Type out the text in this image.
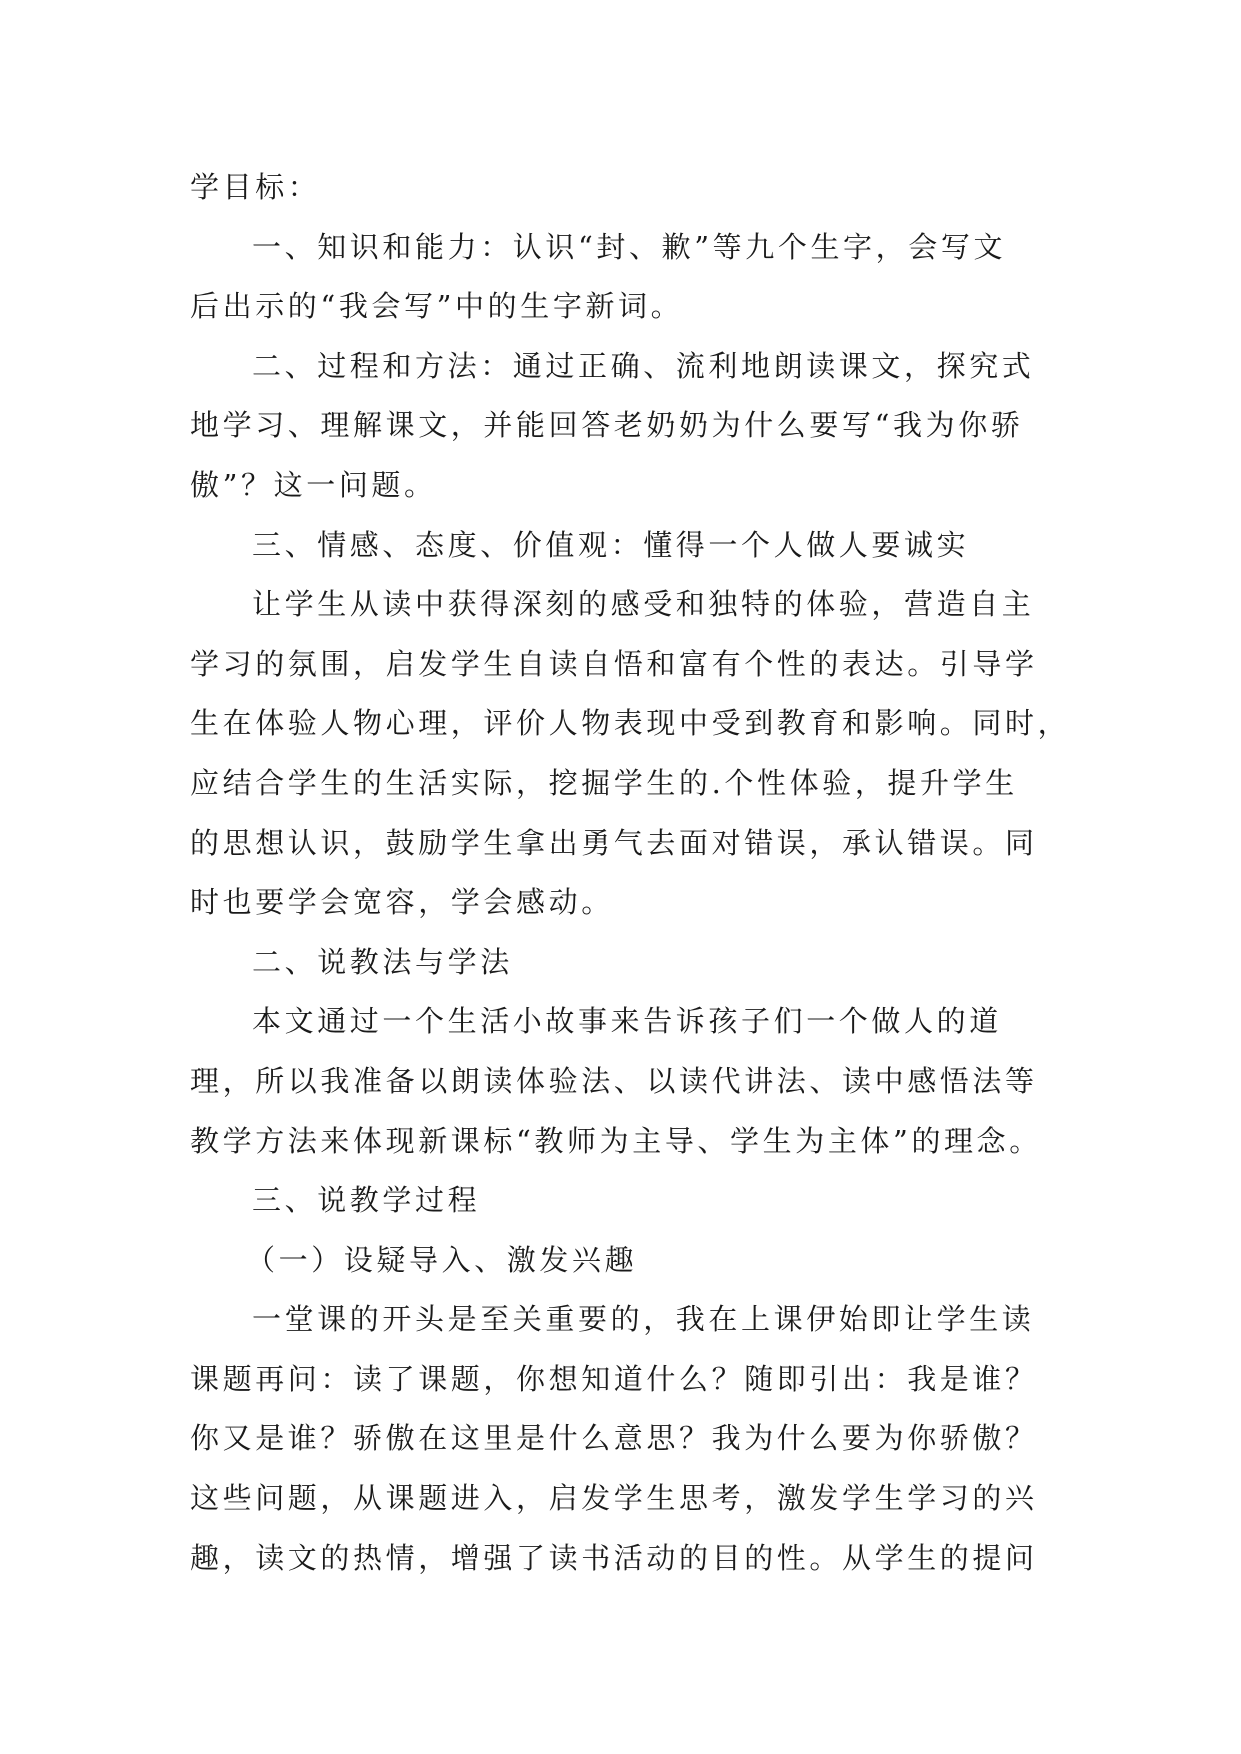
学目标：
一、知识和能力：认识“封、歉”等九个生字，会写文
后出示的“我会写”中的生字新词。
二、过程和方法：通过正确、流利地朗读课文，探究式
地学习、理解课文，并能回答老奶奶为什么要写“我为你骄
傲”？这一问题。
三、情感、态度、价值观：懂得一个人做人要诚实
让学生从读中获得深刻的感受和独特的体验，营造自主
学习的氛围，启发学生自读自悟和富有个性的表达。引导学
生在体验人物心理，评价人物表现中受到教育和影响。同时，
应结合学生的生活实际，挖掘学生的.个性体验，提升学生
的思想认识，鼓励学生拿出勇气去面对错误，承认错误。同
时也要学会宽容，学会感动。
二、说教法与学法
本文通过一个生活小故事来告诉孩子们一个做人的道
理，所以我准备以朗读体验法、以读代讲法、读中感悟法等
教学方法来体现新课标“教师为主导、学生为主体”的理念。
三、说教学过程
（一）设疑导入、激发兴趣
一堂课的开头是至关重要的，我在上课伊始即让学生读
课题再问：读了课题，你想知道什么？随即引出：我是谁？
你又是谁？骄傲在这里是什么意思？我为什么要为你骄傲？
这些问题，从课题进入，启发学生思考，激发学生学习的兴
趣，读文的热情，增强了读书活动的目的性。从学生的提问
